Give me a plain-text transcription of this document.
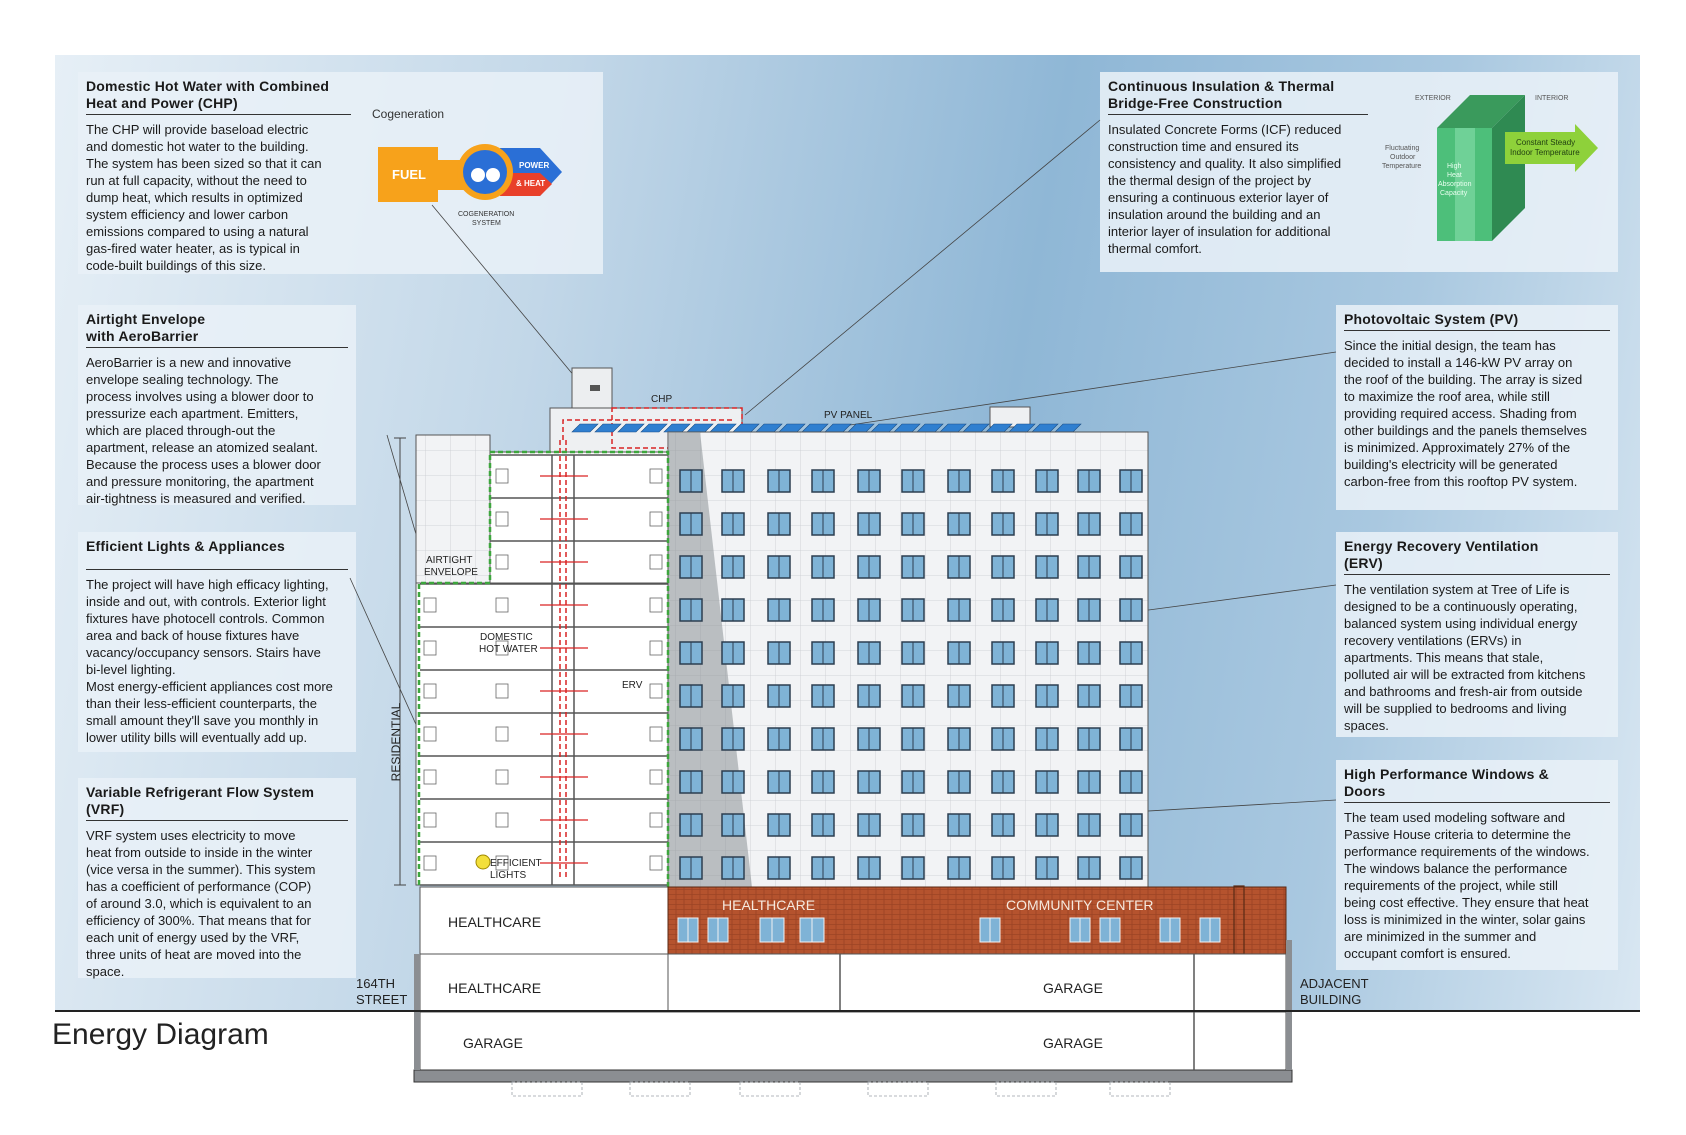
Domestic Hot Water with Combined Heat and Power (CHP)

The CHP will provide baseload electric
and domestic hot water to the building.
The system has been sized so that it can
run at full capacity, without the need to
dump heat, which results in optimized
system efficiency and lower carbon
emissions compared to using a natural
gas-fired water heater, as is typical in
code-built buildings of this size.

Airtight Envelope with AeroBarrier

AeroBarrier is a new and innovative
envelope sealing technology. The
process involves using a blower door to
pressurize each apartment. Emitters,
which are placed through-out the
apartment, release an atomized sealant.
Because the process uses a blower door
and pressure monitoring, the apartment
air-tightness is measured and verified.

Efficient Lights & Appliances

The project will have high efficacy lighting,
inside and out, with controls. Exterior light
fixtures have photocell controls. Common
area and back of house fixtures have
vacancy/occupancy sensors. Stairs have
bi-level lighting.
Most energy-efficient appliances cost more
than their less-efficient counterparts, the
small amount they'll save you monthly in
lower utility bills will eventually add up.

Variable Refrigerant Flow System (VRF)

VRF system uses electricity to move
heat from outside to inside in the winter
(vice versa in the summer). This system
has a coefficient of performance (COP)
of around 3.0, which is equivalent to an
efficiency of 300%. That means that for
each unit of energy used by the VRF,
three units of heat are moved into the
space.

Continuous Insulation & Thermal Bridge-Free Construction

Insulated Concrete Forms (ICF) reduced
construction time and ensured its
consistency and quality. It also simplified
the thermal design of the project by
ensuring a continuous exterior layer of
insulation around the building and an
interior layer of insulation for additional
thermal comfort.

Photovoltaic System (PV)

Since the initial design, the team has
decided to install a 146-kW PV array on
the roof of the building. The array is sized
to maximize the roof area, while still
providing required access. Shading from
other buildings and the panels themselves
is minimized. Approximately 27% of the
building's electricity will be generated
carbon-free from this rooftop PV system.

Energy Recovery Ventilation (ERV)

The ventilation system at Tree of Life is
designed to be a continuously operating,
balanced system using individual energy
recovery ventilations (ERVs) in
apartments. This means that stale,
polluted air will be extracted from kitchens
and bathrooms and fresh-air from outside
will be supplied to bedrooms and living
spaces.

High Performance Windows & Doors

The team used modeling software and
Passive House criteria to determine the
performance requirements of the windows.
The windows balance the performance
requirements of the project, while still
being cost effective. They ensure that heat
loss is minimized in the winter, solar gains
are minimized in the summer and
occupant comfort is ensured.

Cogeneration
FUEL
POWER
& HEAT
COGENERATION
SYSTEM
EXTERIOR	INTERIOR
Fluctuating
Outdoor
Temperature	High
Heat
Absorption
Capacity
Constant Steady
Indoor Temperature
CHP
PV PANEL
AIRTIGHT
ENVELOPE
DOMESTIC
HOT WATER
ERV
EFFICIENT
LIGHTS
RESIDENTIAL
HEALTHCARE
HEALTHCARE	COMMUNITY CENTER
HEALTHCARE	GARAGE
GARAGE	GARAGE
164TH
STREET
ADJACENT
BUILDING
Energy Diagram
